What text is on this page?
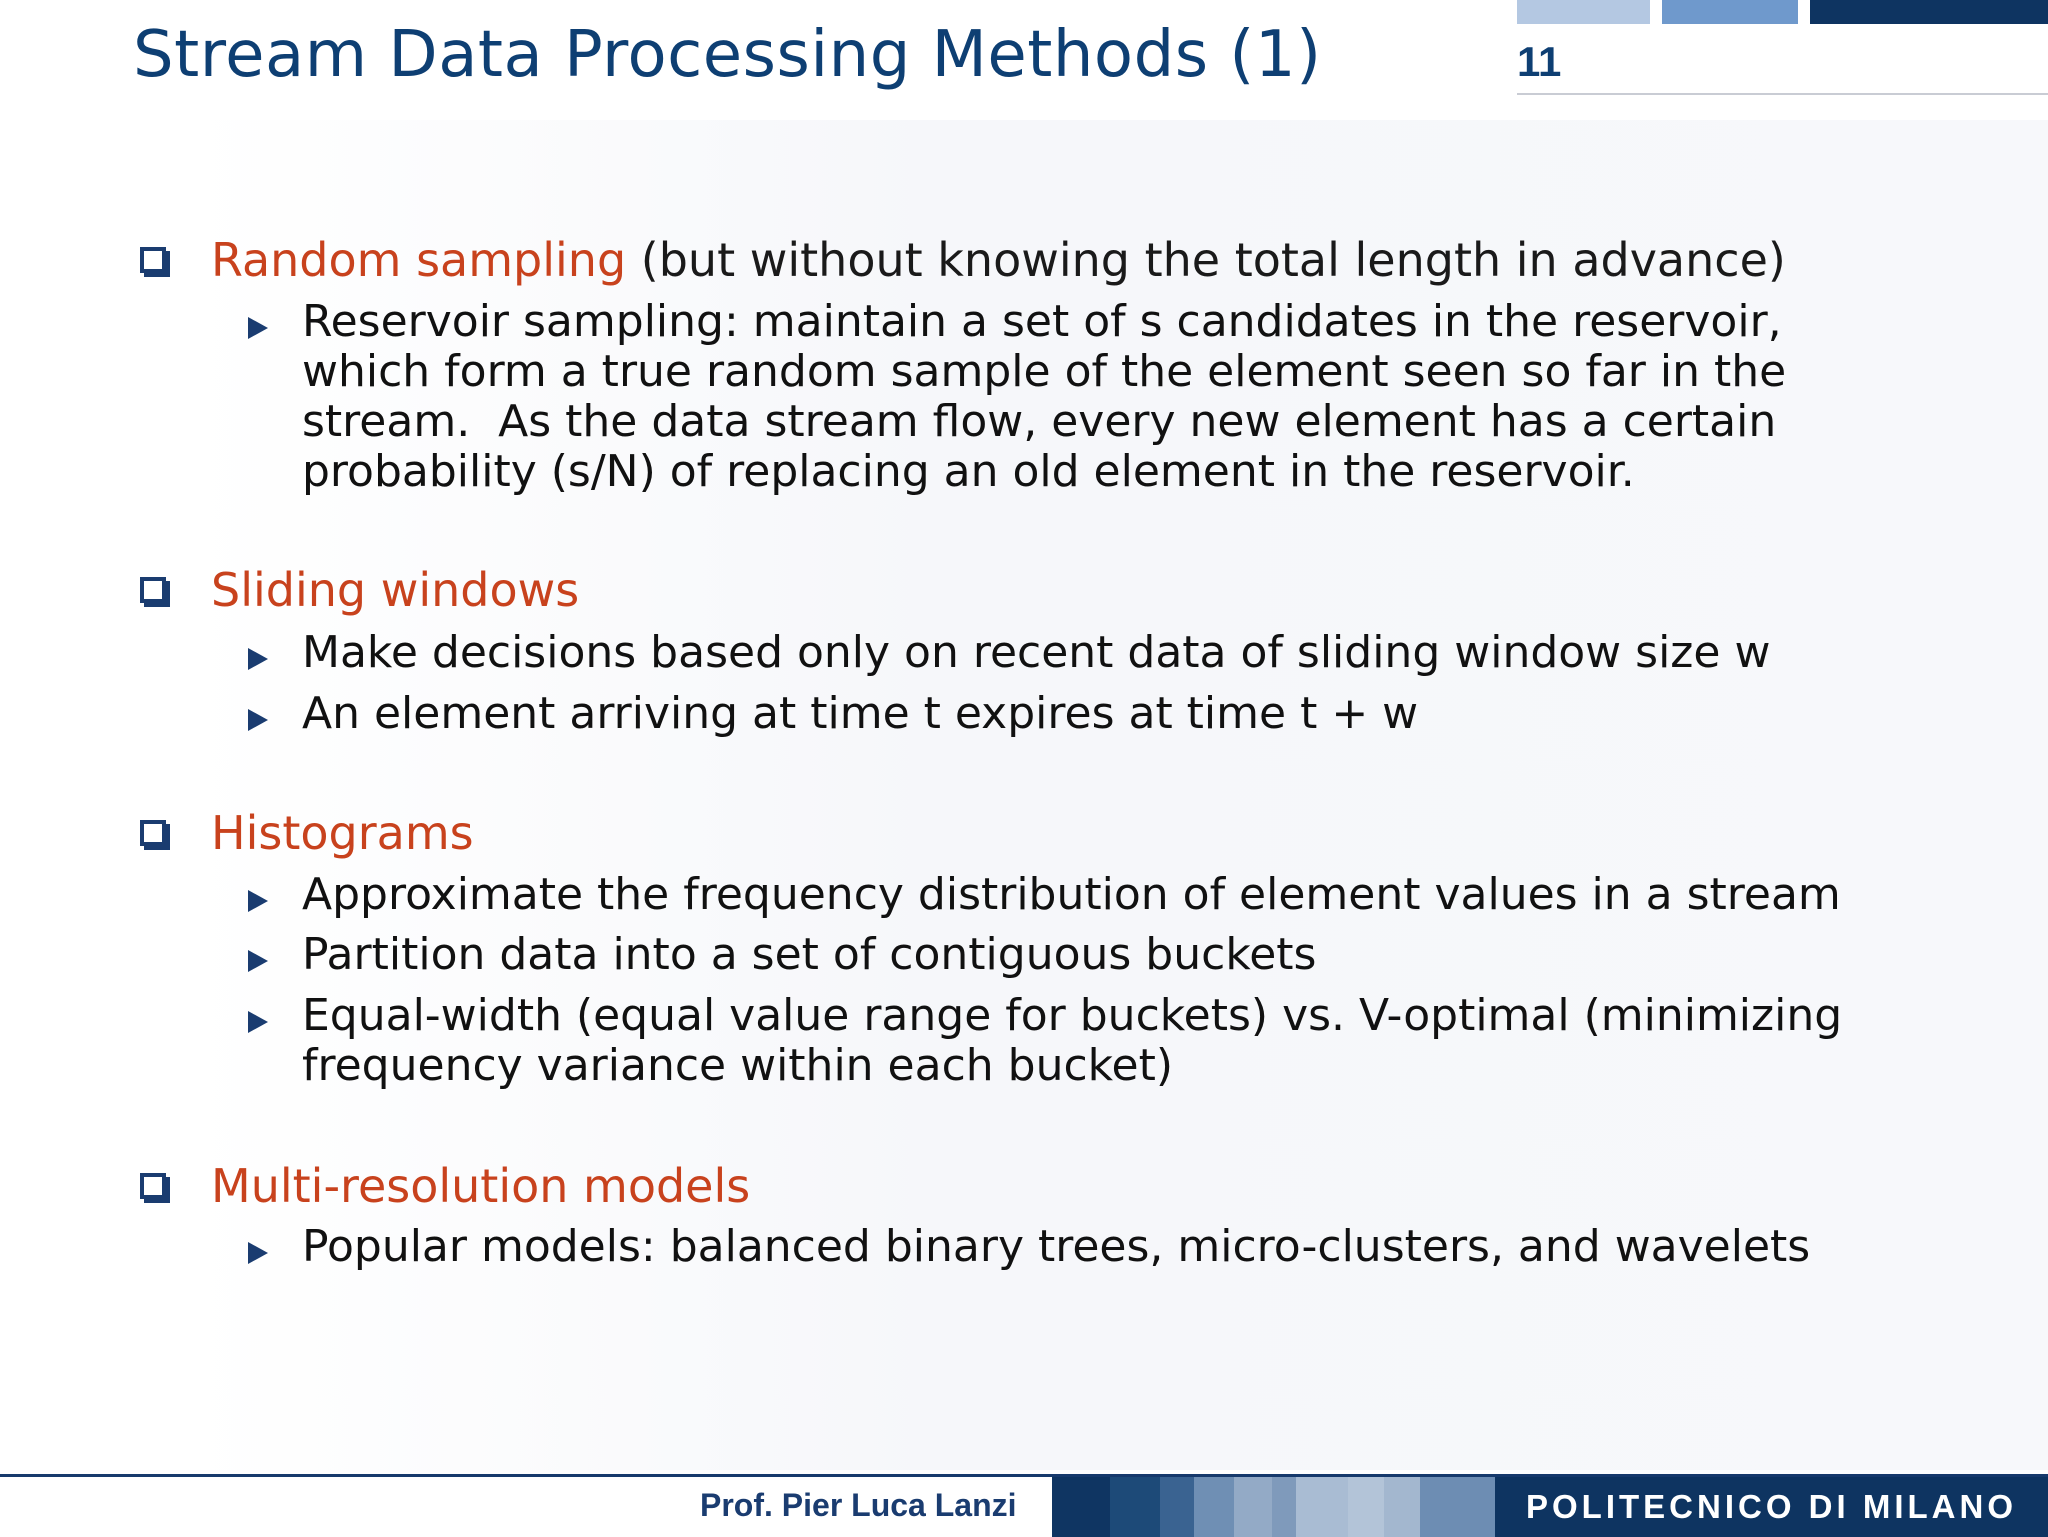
Stream Data Processing Methods (1)	11
Random sampling (but without knowing the total length in advance)

Reservoir sampling: maintain a set of s candidates in the reservoir,
which form a true random sample of the element seen so far in the
stream.  As the data stream flow, every new element has a certain
probability (s/N) of replacing an old element in the reservoir.

Sliding windows

Make decisions based only on recent data of sliding window size w

An element arriving at time t expires at time t + w

Histograms

Approximate the frequency distribution of element values in a stream

Partition data into a set of contiguous buckets

Equal-width (equal value range for buckets) vs. V-optimal (minimizing
frequency variance within each bucket)

Multi-resolution models

Popular models: balanced binary trees, micro-clusters, and wavelets

Prof. Pier Luca Lanzi	POLITECNICO DI MILANO
